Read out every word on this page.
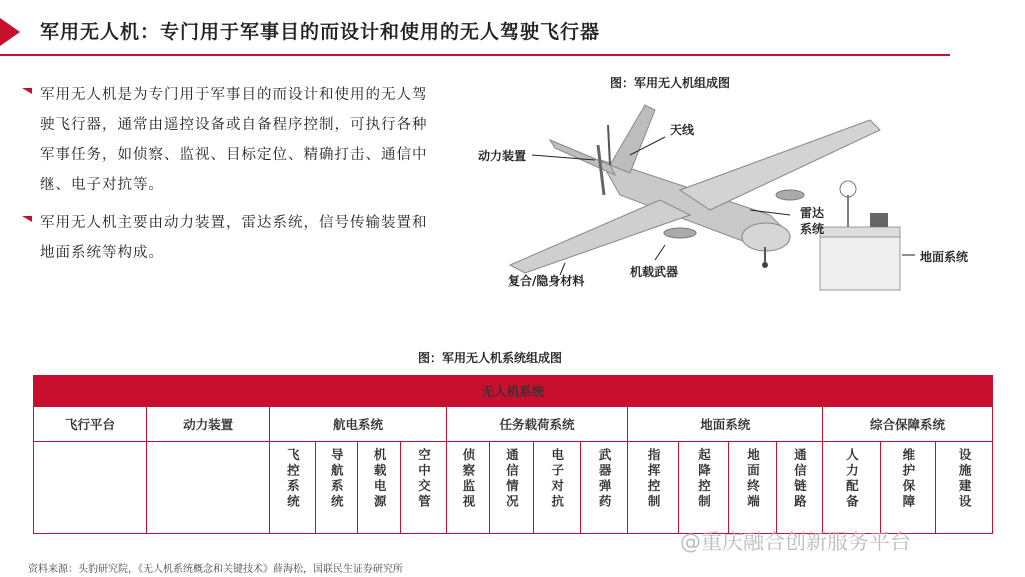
军用无人机：专门用于军事目的而设计和使用的无人驾驶飞行器
军用无人机是为专门用于军事目的而设计和使用的无人驾驶飞行器，通常由遥控设备或自备程序控制，可执行各种军事任务，如侦察、监视、目标定位、精确打击、通信中继、电子对抗等。
军用无人机主要由动力装置，雷达系统，信号传输装置和地面系统等构成。
图：军用无人机组成图
天线
动力装置
雷达
系统
地面系统
机载武器
复合/隐身材料
图：军用无人机系统组成图
无人机系统																
飞行平台	动力装置	航电系统				任务载荷系统				地面系统				综合保障系统		

		飞控系统	导航系统	机载电源	空中交管	侦察监视	通信情况	电子对抗	武器弹药	指挥控制	起降控制	地面终端	通信链路	人力配备	维护保障	设施建设
资料来源：头豹研究院，《无人机系统概念和关键技术》薛海松，国联民生证券研究所
@重庆融合创新服务平台
